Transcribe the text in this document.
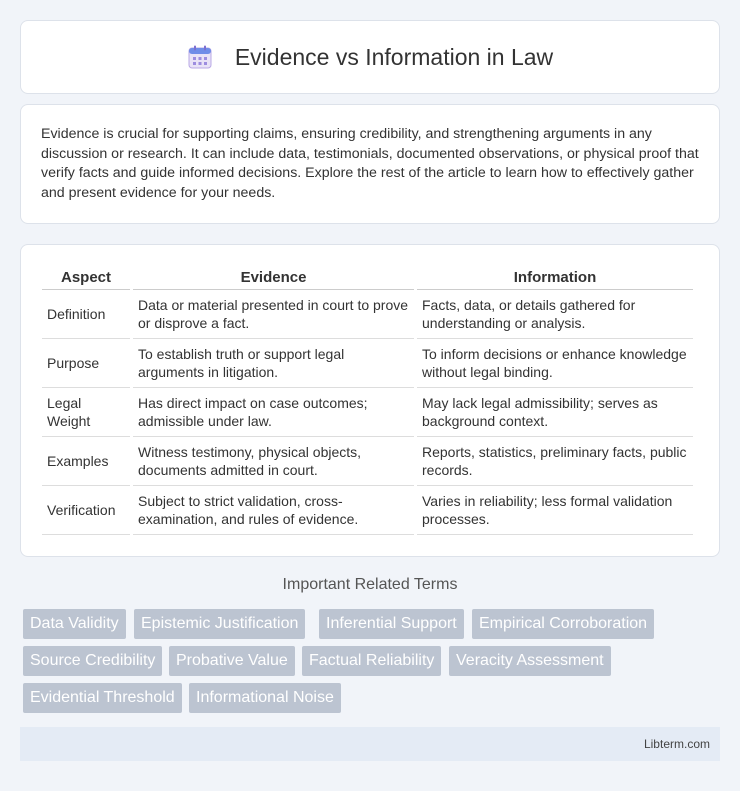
Evidence vs Information in Law

Evidence is crucial for supporting claims, ensuring credibility, and strengthening arguments in any discussion or research. It can include data, testimonials, documented observations, or physical proof that verify facts and guide informed decisions. Explore the rest of the article to learn how to effectively gather and present evidence for your needs.

Aspect	Evidence	Information
Definition	Data or material presented in court to prove or disprove a fact.	Facts, data, or details gathered for understanding or analysis.
Purpose	To establish truth or support legal arguments in litigation.	To inform decisions or enhance knowledge without legal binding.
Legal Weight	Has direct impact on case outcomes; admissible under law.	May lack legal admissibility; serves as background context.
Examples	Witness testimony, physical objects, documents admitted in court.	Reports, statistics, preliminary facts, public records.
Verification	Subject to strict validation, cross-examination, and rules of evidence.	Varies in reliability; less formal validation processes.
Important Related Terms
Data Validity	Epistemic Justification	Inferential Support	Empirical Corroboration
Source Credibility	Probative Value	Factual Reliability	Veracity Assessment
Evidential Threshold	Informational Noise
Libterm.com
